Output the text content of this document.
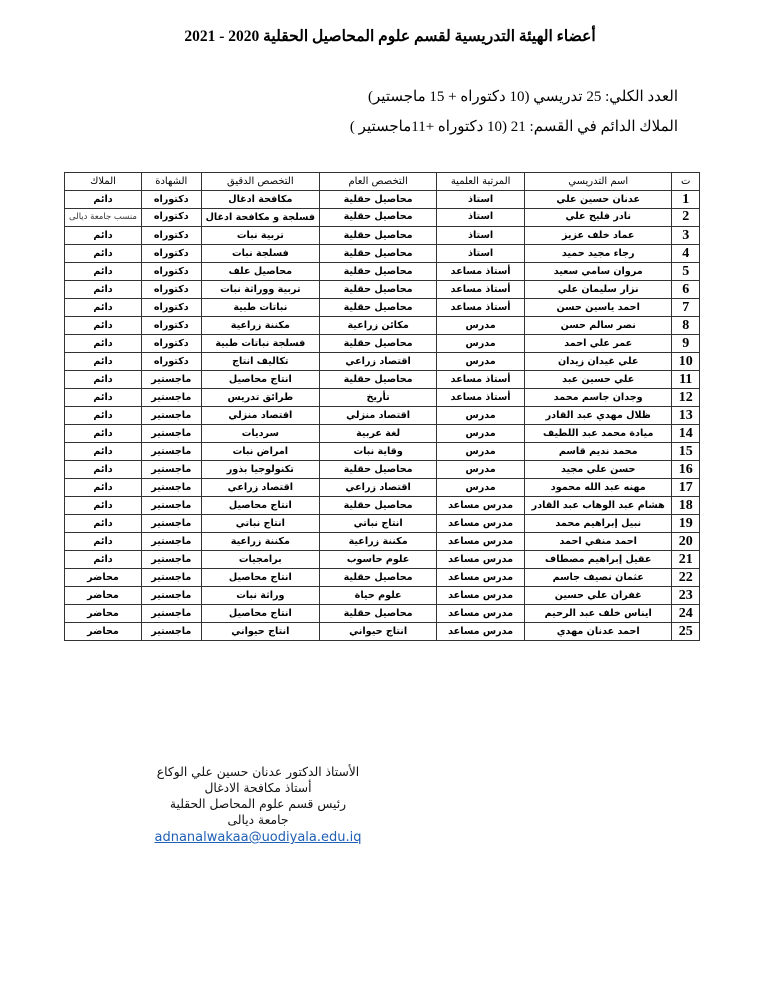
أعضاء الهيئة التدريسية لقسم علوم المحاصيل الحقلية 2020 - 2021
العدد الكلي: 25 تدريسي (10 دكتوراه + 15 ماجستير)
الملاك الدائم في القسم: 21 (10 دكتوراه +11ماجستير )
ت	اسم التدريسي	المرتبة العلمية	التخصص العام	التخصص الدقيق	الشهادة	الملاك
1	عدنان حسين علي	استاذ	محاصيل حقلية	مكافحة ادغال	دكتوراه	دائم
2	نادر فليح علي	استاذ	محاصيل حقلية	فسلجة و مكافحة ادغال	دكتوراه	منسب جامعة ديالى
3	عماد خلف عزيز	استاذ	محاصيل حقلية	تربية نبات	دكتوراه	دائم
4	رجاء مجيد حميد	استاذ	محاصيل حقلية	فسلجة نبات	دكتوراه	دائم
5	مروان سامي سعيد	أستاذ مساعد	محاصيل حقلية	محاصيل علف	دكتوراه	دائم
6	نزار سليمان علي	أستاذ مساعد	محاصيل حقلية	تربية ووراثة نبات	دكتوراه	دائم
7	احمد ياسين حسن	أستاذ مساعد	محاصيل حقلية	نباتات طبية	دكتوراه	دائم
8	نصر سالم حسن	مدرس	مكائن زراعية	مكننة زراعية	دكتوراه	دائم
9	عمر علي احمد	مدرس	محاصيل حقلية	فسلجة نباتات طبية	دكتوراه	دائم
10	علي غيدان زيدان	مدرس	اقتصاد زراعي	تكاليف انتاج	دكتوراه	دائم
11	علي حسين عبد	أستاذ مساعد	محاصيل حقلية	انتاج محاصيل	ماجستير	دائم
12	وجدان جاسم محمد	أستاذ مساعد	تأريخ	طرائق تدريس	ماجستير	دائم
13	ظلال مهدي عبد القادر	مدرس	اقتصاد منزلي	اقتصاد منزلي	ماجستير	دائم
14	ميادة محمد عبد اللطيف	مدرس	لغة عربية	سرديات	ماجستير	دائم
15	محمد نديم قاسم	مدرس	وقاية نبات	امراض نبات	ماجستير	دائم
16	حسن علي مجيد	مدرس	محاصيل حقلية	تكنولوجيا بذور	ماجستير	دائم
17	مهنه عبد الله محمود	مدرس	اقتصاد زراعي	اقتصاد زراعي	ماجستير	دائم
18	هشام عبد الوهاب عبد القادر	مدرس مساعد	محاصيل حقلية	انتاج محاصيل	ماجستير	دائم
19	نبيل إبراهيم محمد	مدرس مساعد	انتاج نباتي	انتاج نباتي	ماجستير	دائم
20	احمد منفي احمد	مدرس مساعد	مكننة زراعية	مكننة زراعية	ماجستير	دائم
21	عقيل إبراهيم مصطاف	مدرس مساعد	علوم حاسوب	برامجيات	ماجستير	دائم
22	عثمان نصيف جاسم	مدرس مساعد	محاصيل حقلية	انتاج محاصيل	ماجستير	محاضر
23	غفران علي حسين	مدرس مساعد	علوم حياة	وراثة نبات	ماجستير	محاضر
24	ايناس خلف عبد الرحيم	مدرس مساعد	محاصيل حقلية	انتاج محاصيل	ماجستير	محاضر
25	احمد عدنان مهدي	مدرس مساعد	انتاج حيواني	انتاج حيواني	ماجستير	محاضر
الأستاذ الدكتور عدنان حسين علي الوكاع
أستاذ مكافحة الادغال
رئيس قسم علوم المحاصل الحقلية
جامعة ديالى
adnanalwakaa@uodiyala.edu.iq
